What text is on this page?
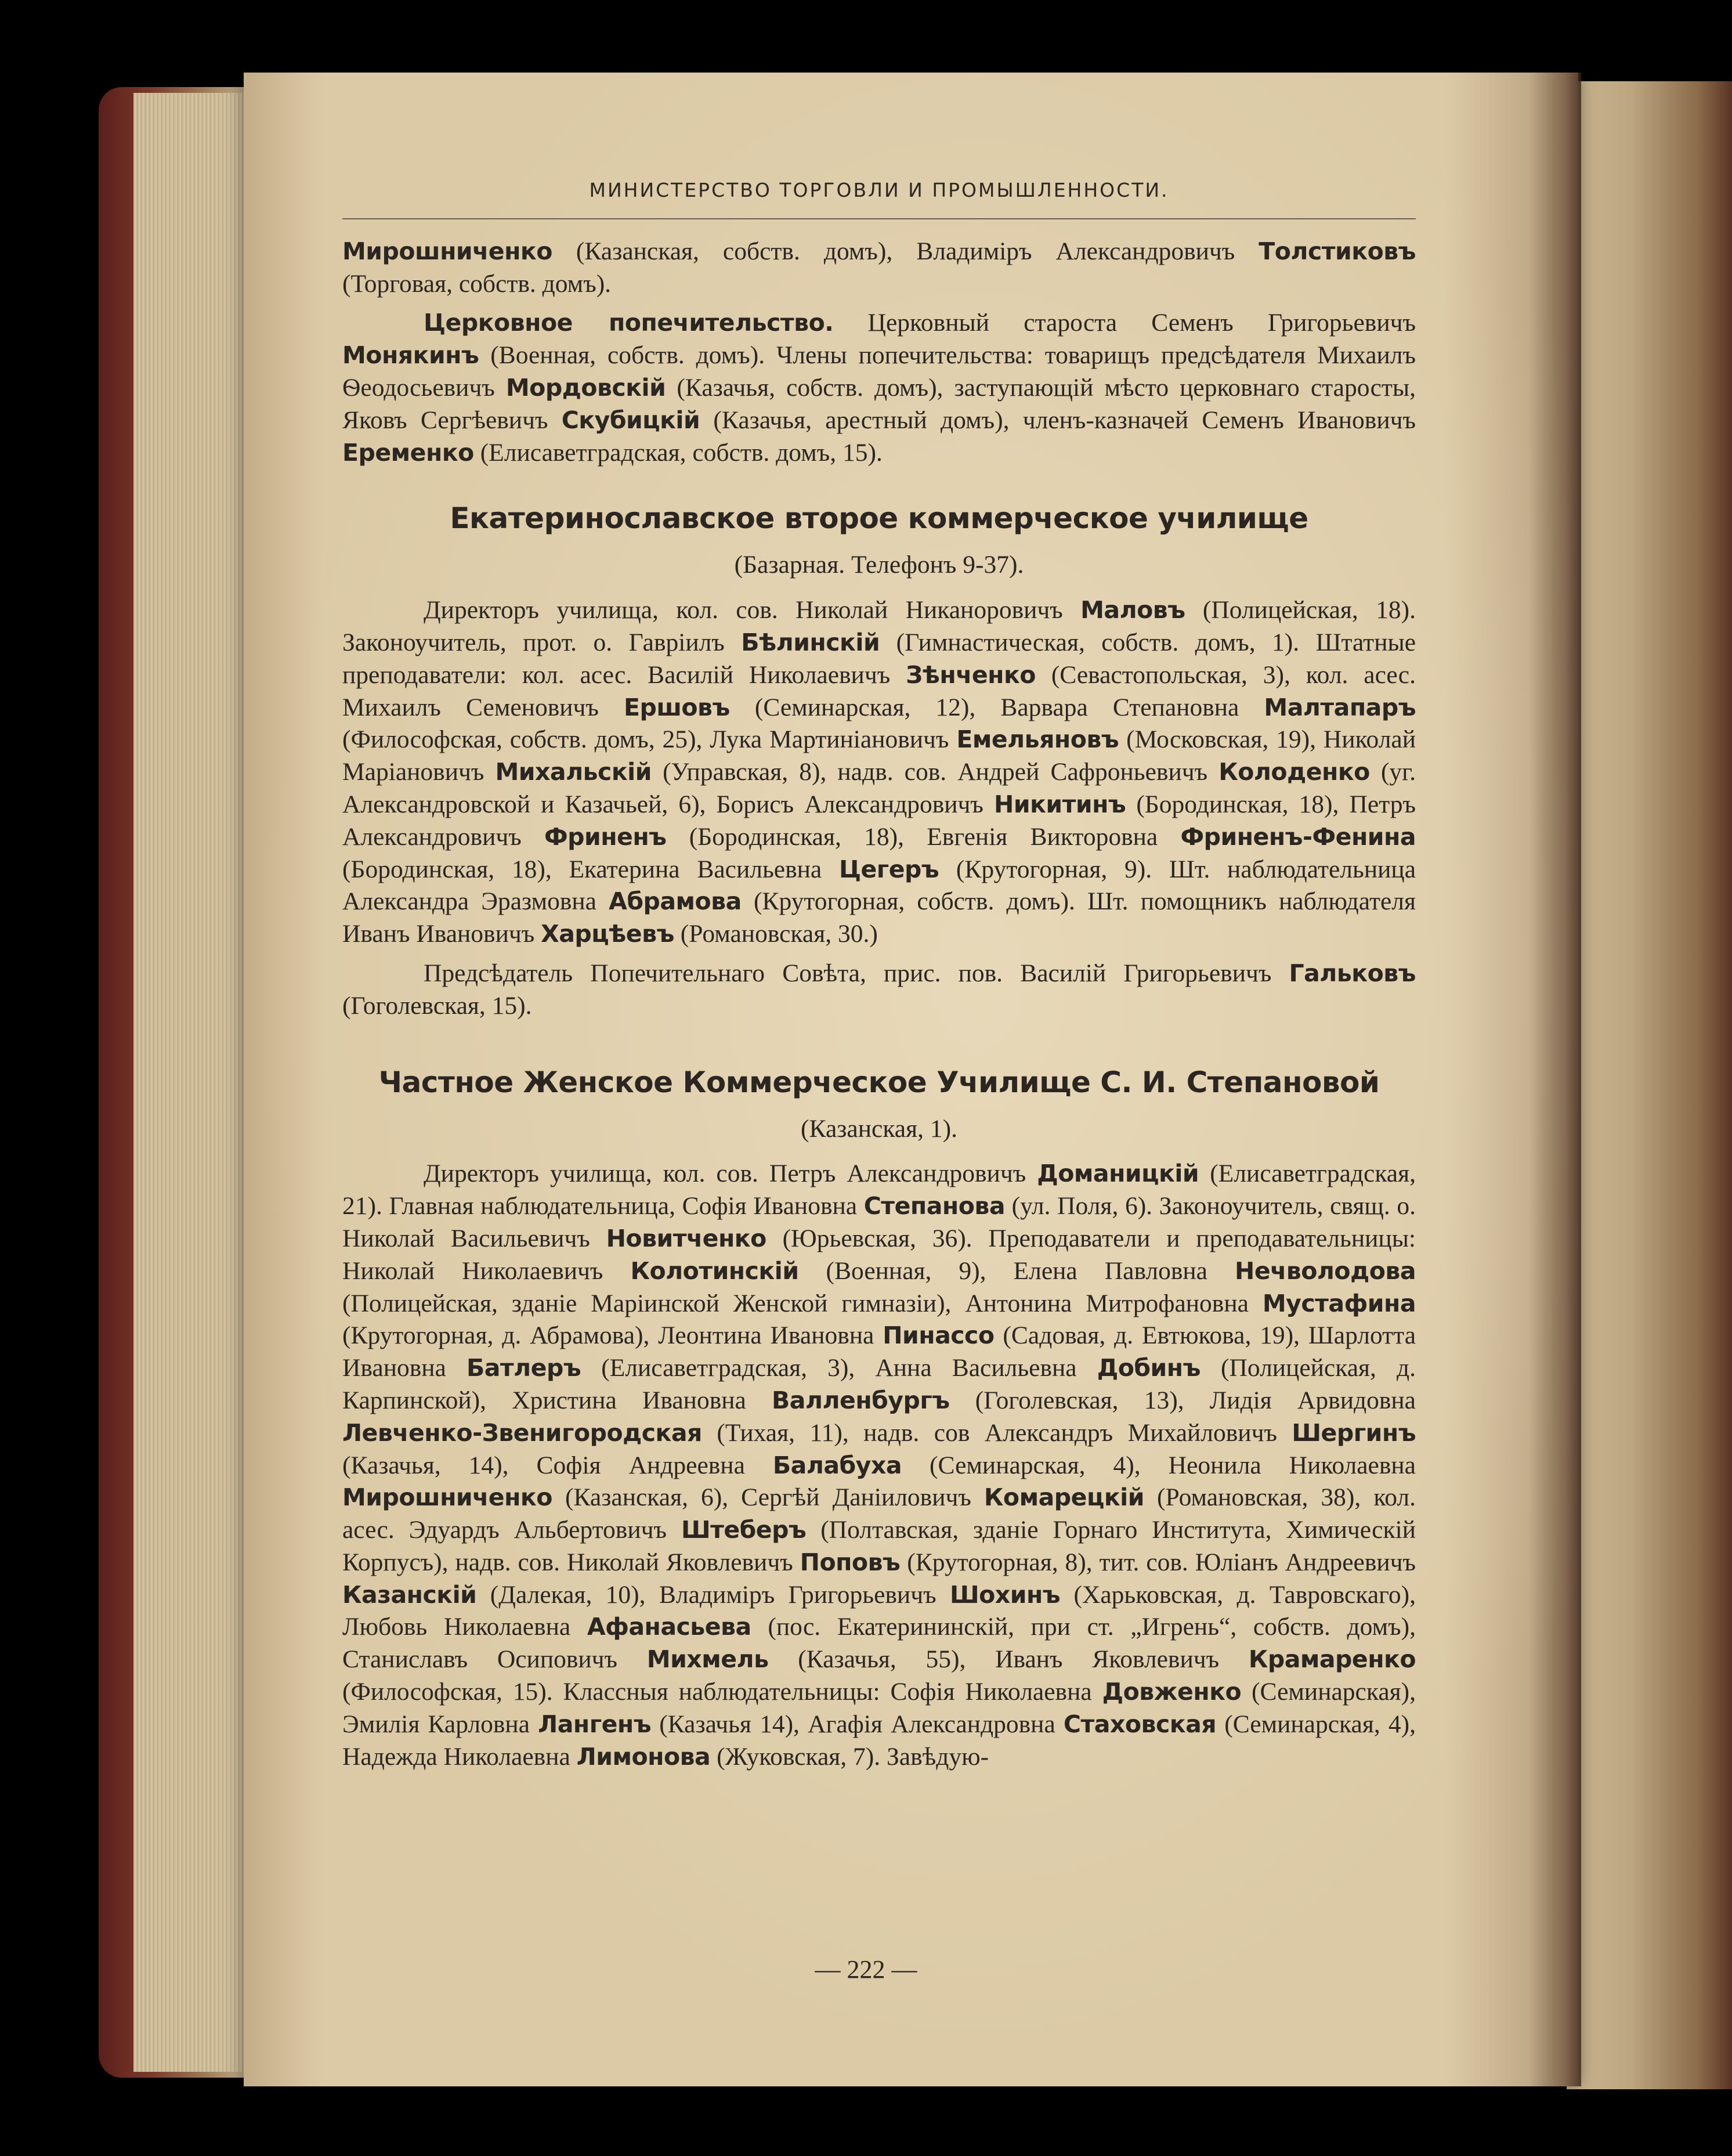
МИНИСТЕРСТВО ТОРГОВЛИ И ПРОМЫШЛЕННОСТИ.

Мирошниченко (Казанская, собств. домъ), Владиміръ Александровичъ Толстиковъ (Торговая, собств. домъ).

Церковное попечительство. Церковный староста Семенъ Григорьевичъ Монякинъ (Военная, собств. домъ). Члены попечительства: товарищъ предсѣдателя Михаилъ Ѳеодосьевичъ Мордовскій (Казачья, собств. домъ), заступающій мѣсто церковнаго старосты, Яковъ Сергѣевичъ Скубицкій (Казачья, арестный домъ), членъ-казначей Семенъ Ивановичъ Еременко (Елисаветградская, собств. домъ, 15).

Екатеринославское второе коммерческое училище
(Базарная. Телефонъ 9-37).

Директоръ училища, кол. сов. Николай Никаноровичъ Маловъ (Полицейская, 18). Законоучитель, прот. о. Гавріилъ Бѣлинскій (Гимнастическая, собств. домъ, 1). Штатные преподаватели: кол. асес. Василій Николаевичъ Зѣнченко (Севастопольская, 3), кол. асес. Михаилъ Семеновичъ Ершовъ (Семинарская, 12), Варвара Степановна Малтапаръ (Философская, собств. домъ, 25), Лука Мартиніановичъ Емельяновъ (Московская, 19), Николай Маріановичъ Михальскій (Управская, 8), надв. сов. Андрей Сафроньевичъ Колоденко (уг. Александровской и Казачьей, 6), Борисъ Александровичъ Никитинъ (Бородинская, 18), Петръ Александровичъ Фриненъ (Бородинская, 18), Евгенія Викторовна Фриненъ-Фенина (Бородинская, 18), Екатерина Васильевна Цегеръ (Крутогорная, 9). Шт. наблюдательница Александра Эразмовна Абрамова (Крутогорная, собств. домъ). Шт. помощникъ наблюдателя Иванъ Ивановичъ Харцѣевъ (Романовская, 30.)

Предсѣдатель Попечительнаго Совѣта, прис. пов. Василій Григорьевичъ Гальковъ (Гоголевская, 15).

Частное Женское Коммерческое Училище С. И. Степановой
(Казанская, 1).

Директоръ училища, кол. сов. Петръ Александровичъ Доманицкій (Елисаветградская, 21). Главная наблюдательница, Софія Ивановна Степанова (ул. Поля, 6). Законоучитель, свящ. о. Николай Васильевичъ Новитченко (Юрьевская, 36). Преподаватели и преподавательницы: Николай Николаевичъ Колотинскій (Военная, 9), Елена Павловна Нечволодова (Полицейская, зданіе Маріинской Женской гимназіи), Антонина Митрофановна Мустафина (Крутогорная, д. Абрамова), Леонтина Ивановна Пинассо (Садовая, д. Евтюкова, 19), Шарлотта Ивановна Батлеръ (Елисаветградская, 3), Анна Васильевна Добинъ (Полицейская, д. Карпинской), Христина Ивановна Валленбургъ (Гоголевская, 13), Лидія Арвидовна Левченко-Звенигородская (Тихая, 11), надв. сов Александръ Михайловичъ Шергинъ (Казачья, 14), Софія Андреевна Балабуха (Семинарская, 4), Неонила Николаевна Мирошниченко (Казанская, 6), Сергѣй Даніиловичъ Комарецкій (Романовская, 38), кол. асес. Эдуардъ Альбертовичъ Штеберъ (Полтавская, зданіе Горнаго Института, Химическій Корпусъ), надв. сов. Николай Яковлевичъ Поповъ (Крутогорная, 8), тит. сов. Юліанъ Андреевичъ Казанскій (Далекая, 10), Владиміръ Григорьевичъ Шохинъ (Харьковская, д. Тавровскаго), Любовь Николаевна Афанасьева (пос. Екатерининскій, при ст. „Игрень“, собств. домъ), Станиславъ Осиповичъ Михмель (Казачья, 55), Иванъ Яковлевичъ Крамаренко (Философская, 15). Классныя наблюдательницы: Софія Николаевна Довженко (Семинарская), Эмилія Карловна Лангенъ (Казачья 14), Агафія Александровна Стаховская (Семинарская, 4), Надежда Николаевна Лимонова (Жуковская, 7). Завѣдую-

— 222 —
